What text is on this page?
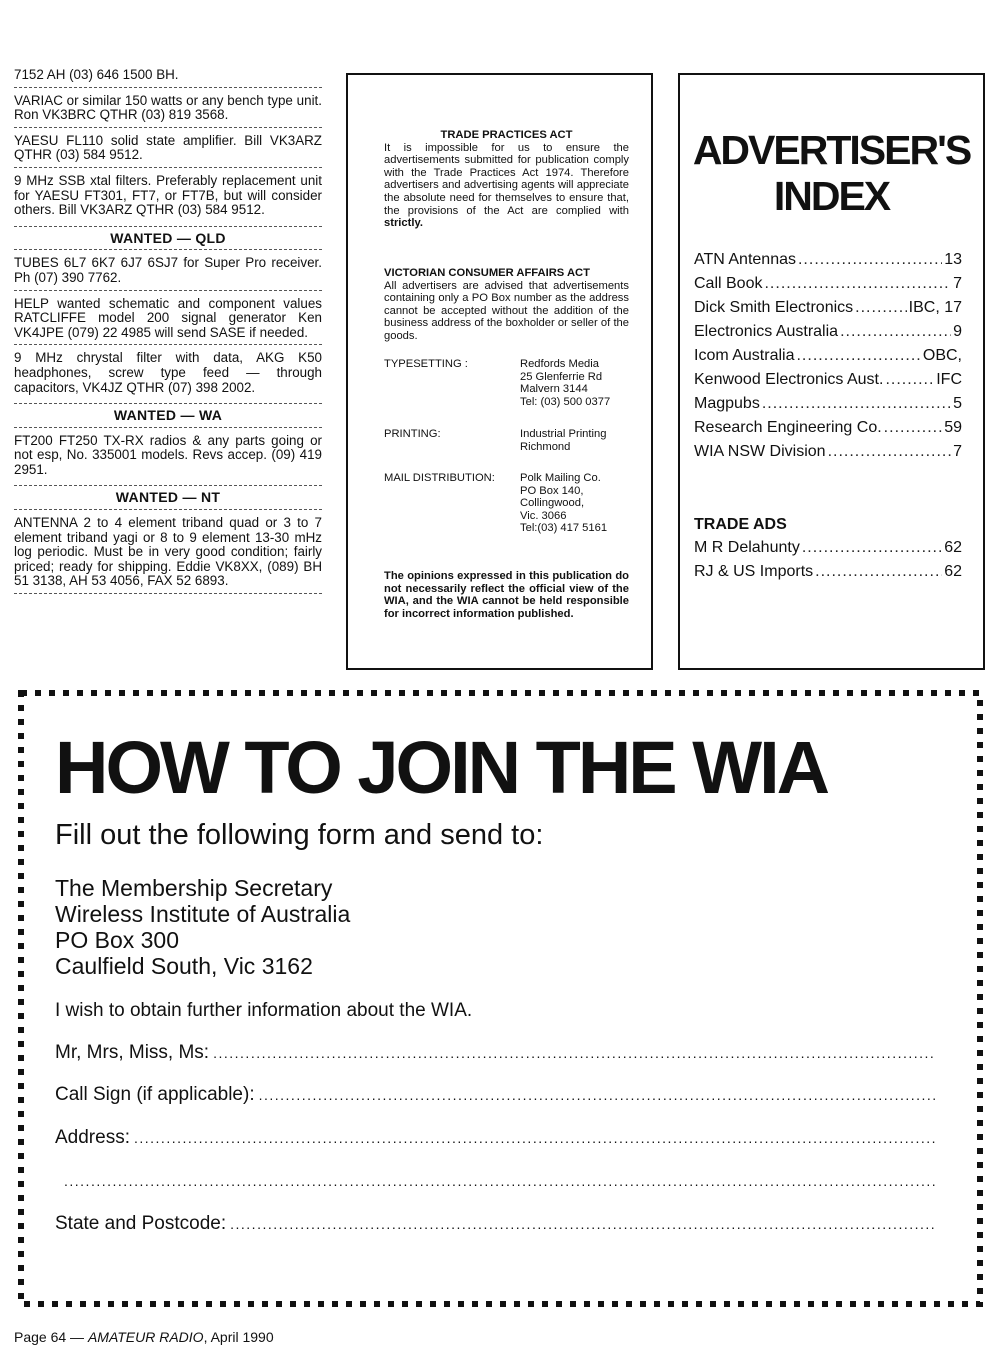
7152 AH (03) 646 1500 BH.
VARIAC or similar 150 watts or any bench type unit. Ron VK3BRC QTHR (03) 819 3568.
YAESU FL110 solid state amplifier. Bill VK3ARZ QTHR (03) 584 9512.
9 MHz SSB xtal filters. Preferably replacement unit for YAESU FT301, FT7, or FT7B, but will consider others. Bill VK3ARZ QTHR (03) 584 9512.
WANTED — QLD
TUBES 6L7 6K7 6J7 6SJ7 for Super Pro receiver. Ph (07) 390 7762.
HELP wanted schematic and component values RATCLIFFE model 200 signal generator Ken VK4JPE (079) 22 4985 will send SASE if needed.
9 MHz chrystal filter with data, AKG K50 headphones, screw type feed — through capacitors, VK4JZ QTHR (07) 398 2002.
WANTED — WA
FT200 FT250 TX-RX radios & any parts going or not esp, No. 335001 models. Revs accep. (09) 419 2951.
WANTED — NT
ANTENNA 2 to 4 element triband quad or 3 to 7 element triband yagi or 8 to 9 element 13-30 mHz log periodic. Must be in very good condition; fairly priced; ready for shipping. Eddie VK8XX, (089) BH 51 3138, AH 53 4056, FAX 52 6893.
TRADE PRACTICES ACT
It is impossible for us to ensure the advertisements submitted for publication comply with the Trade Practices Act 1974. Therefore advertisers and advertising agents will appreciate the absolute need for themselves to ensure that, the provisions of the Act are complied with strictly.
VICTORIAN CONSUMER AFFAIRS ACT
All advertisers are advised that advertisements containing only a PO Box number as the address cannot be accepted without the addition of the business address of the boxholder or seller of the goods.
TYPESETTING :	Redfords Media
25 Glenferrie Rd
Malvern 3144
Tel: (03) 500 0377
PRINTING:	Industrial Printing
Richmond
MAIL DISTRIBUTION:	Polk Mailing Co.
PO Box 140,
Collingwood,
Vic. 3066
Tel:(03) 417 5161
The opinions expressed in this publication do not necessarily reflect the official view of the WIA, and the WIA cannot be held responsible for incorrect information published.
ADVERTISER'S
INDEX
ATN Antennas .....	13
Call Book .....	7
Dick Smith Electronics .....	IBC, 17
Electronics Australia .....	9
Icom Australia .....	OBC,
Kenwood Electronics Aust. .....	IFC
Magpubs .....	5
Research Engineering Co. .....	59
WIA NSW Division .....	7
TRADE ADS
M R Delahunty .....	62
RJ & US Imports .....	62
HOW TO JOIN THE WIA
Fill out the following form and send to:
The Membership Secretary
Wireless Institute of Australia
PO Box 300
Caulfield South, Vic 3162
I wish to obtain further information about the WIA.
Mr, Mrs, Miss, Ms:
.....
Call Sign (if applicable):
.....
Address:
.....
.....
State and Postcode:
.....
Page 64 — AMATEUR RADIO, April 1990
